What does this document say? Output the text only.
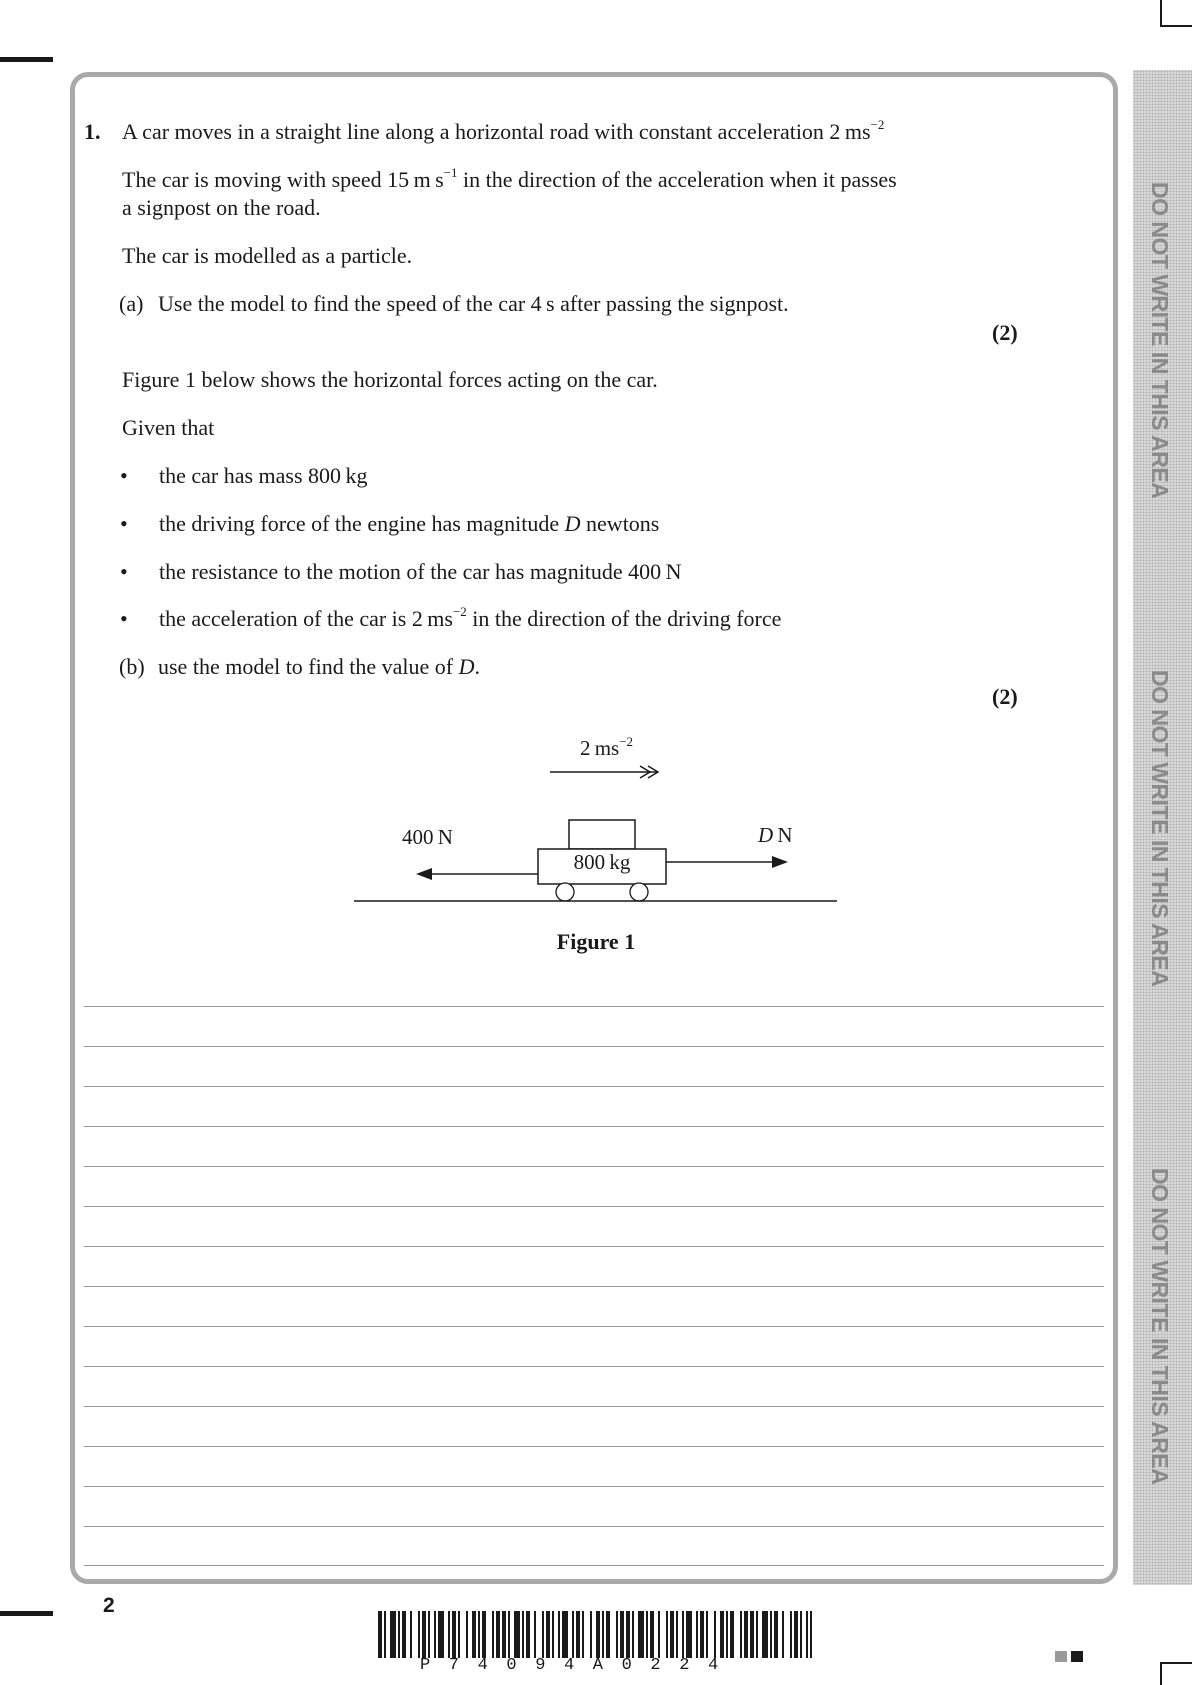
DO NOT WRITE IN THIS AREA
DO NOT WRITE IN THIS AREA
DO NOT WRITE IN THIS AREA
1. A car moves in a straight line along a horizontal road with constant acceleration 2 $ms^{-2}$
The car is moving with speed 15 m $s^{-1}$ in the direction of the acceleration when it passes
a signpost on the road.
The car is modelled as a particle.
(a) Use the model to find the speed of the car 4 s after passing the signpost.
(2)
Figure 1 below shows the horizontal forces acting on the car.
Given that
• the car has mass 800 kg
• the driving force of the engine has magnitude D newtons
• the resistance to the motion of the car has magnitude 400 N
• the acceleration of the car is 2 $ms^{-2}$ in the direction of the driving force
(b) use the model to find the value of D.
(2)
2 $ms^{-2}$
400 N	D N
800 kg
Figure 1
2
P74094A0224
